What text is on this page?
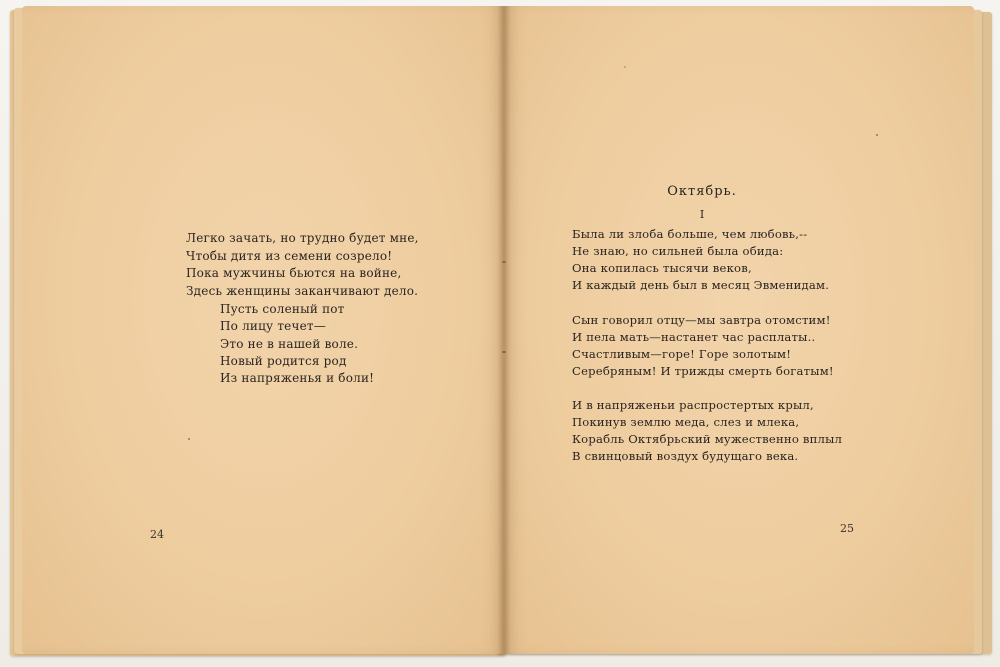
Легко зачать, но трудно будет мне,
Чтобы дитя из семени созрело!
Пока мужчины бьются на войне,
Здесь женщины заканчивают дело.
Пусть соленый пот
По лицу течет—
Это не в нашей воле.
Новый родится род
Из напряженья и боли!
24
Октябрь.
I
Была ли злоба больше, чем любовь,--
Не знаю, но сильней была обида:
Она копилась тысячи веков,
И каждый день был в месяц Эвменидам.
Сын говорил отцу—мы завтра отомстим!
И пела мать—настанет час расплаты..
Счастливым—горе! Горе золотым!
Серебряным! И трижды смерть богатым!
И в напряженьи распростертых крыл,
Покинув землю меда, слез и млека,
Корабль Октябрьский мужественно вплыл
В свинцовый воздух будущаго века.
25
